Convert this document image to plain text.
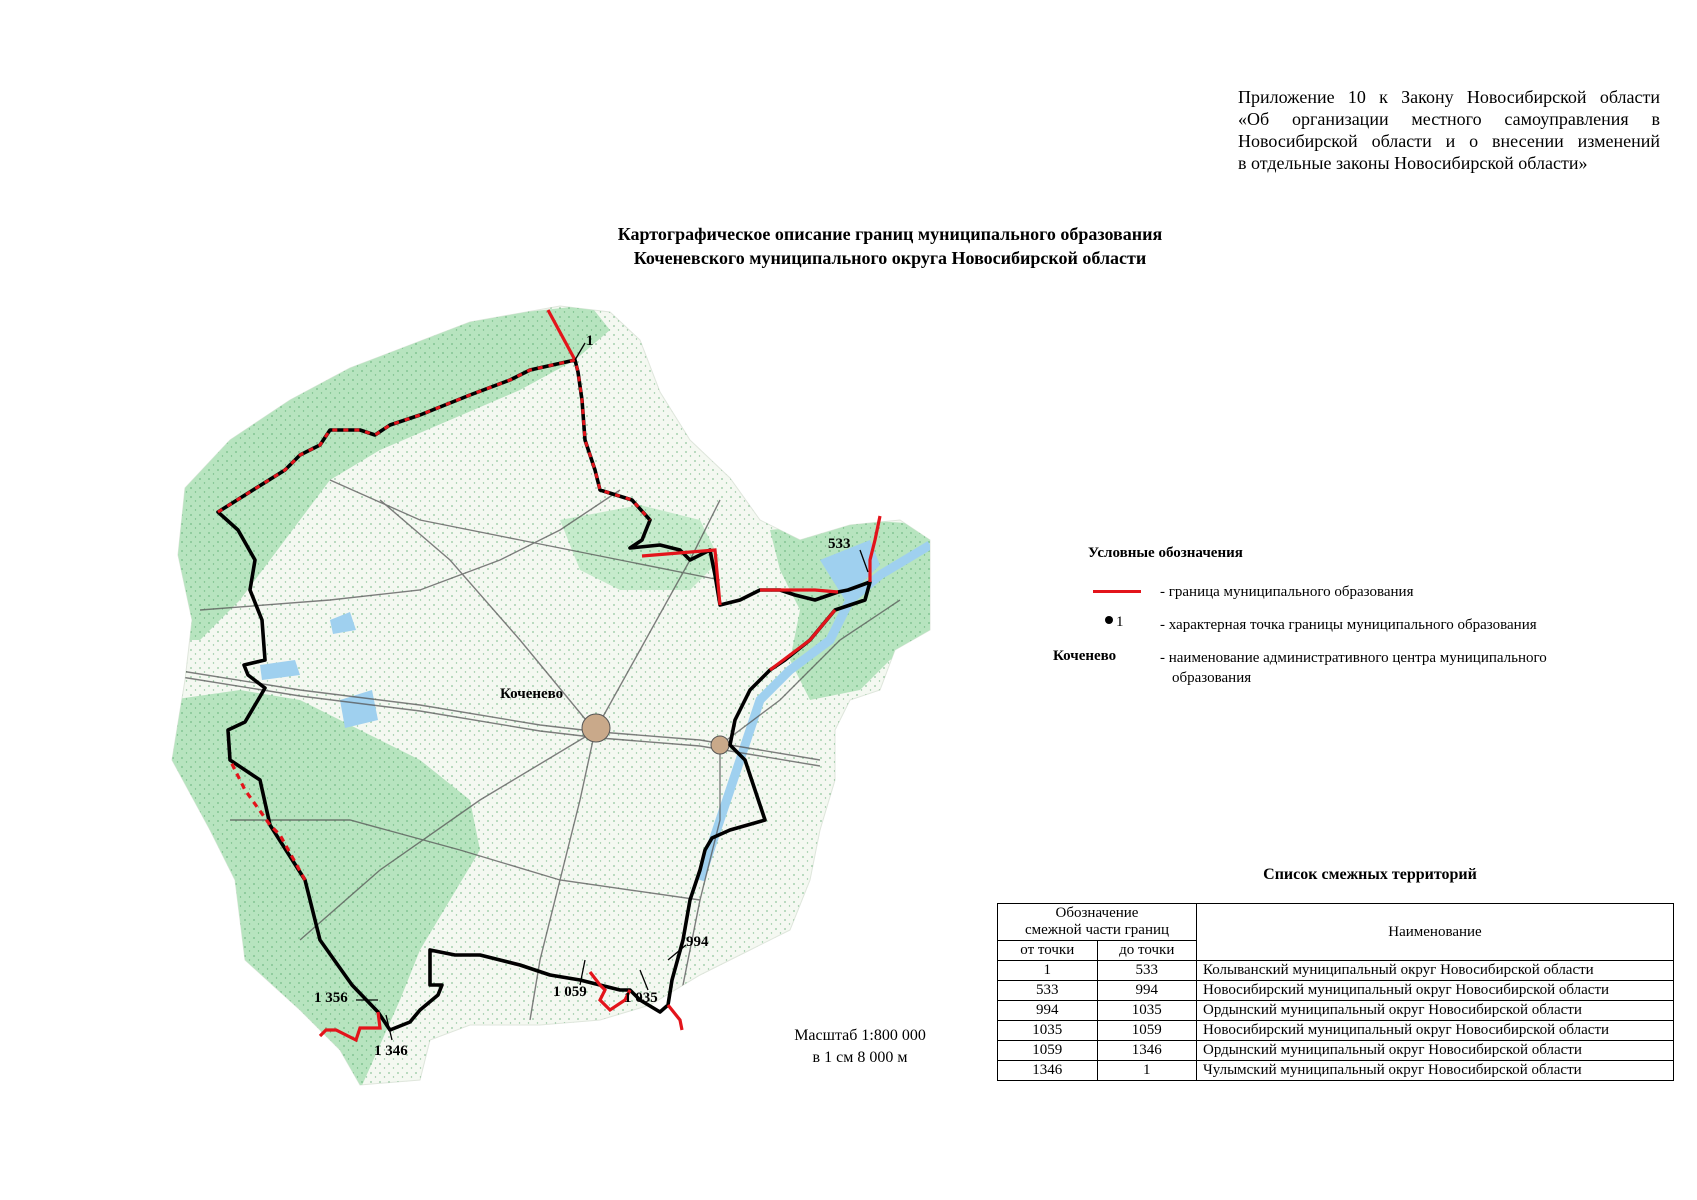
Приложение 10 к Закону Новосибирской области
«Об организации местного самоуправления в
Новосибирской области и о внесении изменений
в отдельные законы Новосибирской области»
Картографическое описание границ муниципального образования
Коченевского муниципального округа Новосибирской области
1
533
994
1 035
1 059
1 356
1 346
Коченево
Условные обозначения
- граница муниципального образования
1 - характерная точка границы муниципального образования
Коченево	- наименование административного центра муниципального
образования
Масштаб 1:800 000
в 1 см 8 000 м
Список смежных территорий
Обозначение
смежной части границ		Наименование
от точки	до точки	
1	533	Колыванский муниципальный округ Новосибирской области
533	994	Новосибирский муниципальный округ Новосибирской области
994	1035	Ордынский муниципальный округ Новосибирской области
1035	1059	Новосибирский муниципальный округ Новосибирской области
1059	1346	Ордынский муниципальный округ Новосибирской области
1346	1	Чулымский муниципальный округ Новосибирской области
